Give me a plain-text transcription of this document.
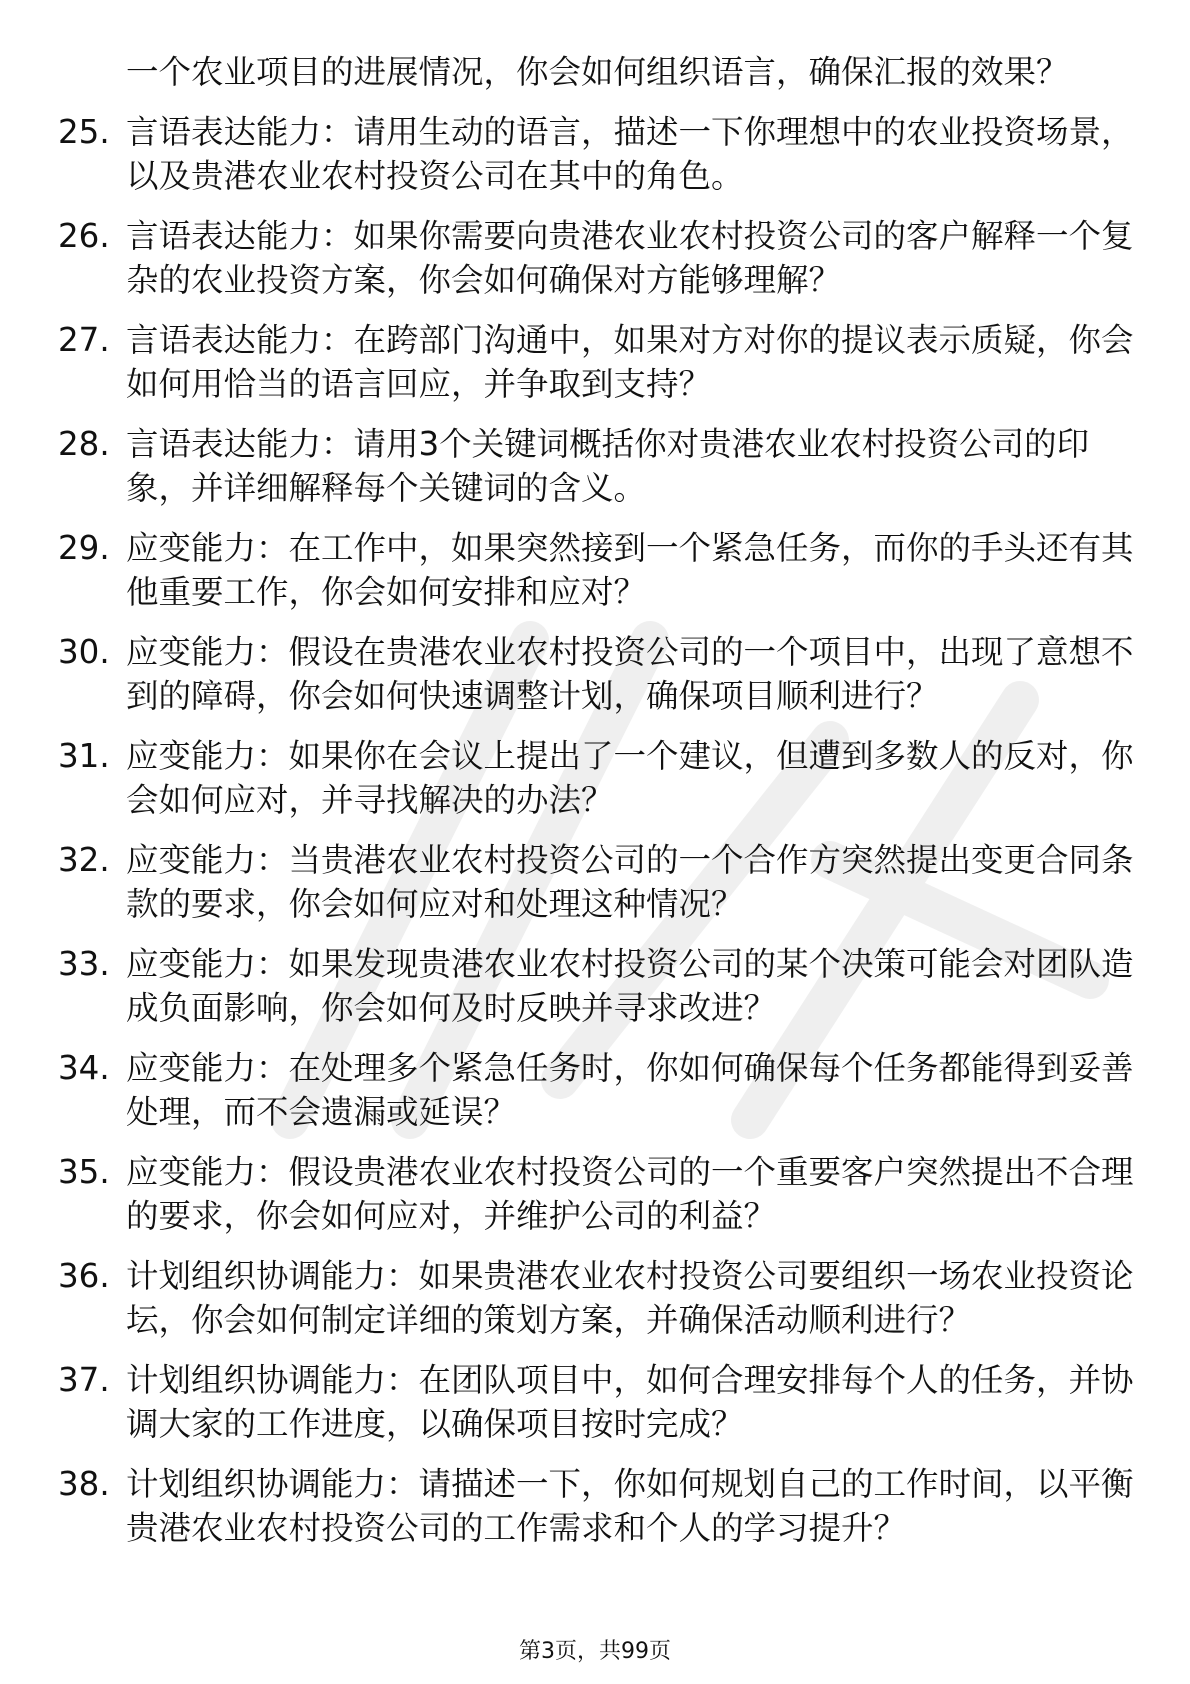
一个农业项目的进展情况，你会如何组织语言，确保汇报的效果？
25. 言语表达能力：请用生动的语言，描述一下你理想中的农业投资场景，以及贵港农业农村投资公司在其中的角色。
26. 言语表达能力：如果你需要向贵港农业农村投资公司的客户解释一个复杂的农业投资方案，你会如何确保对方能够理解？
27. 言语表达能力：在跨部门沟通中，如果对方对你的提议表示质疑，你会如何用恰当的语言回应，并争取到支持？
28. 言语表达能力：请用3个关键词概括你对贵港农业农村投资公司的印象，并详细解释每个关键词的含义。
29. 应变能力：在工作中，如果突然接到一个紧急任务，而你的手头还有其他重要工作，你会如何安排和应对？
30. 应变能力：假设在贵港农业农村投资公司的一个项目中，出现了意想不到的障碍，你会如何快速调整计划，确保项目顺利进行？
31. 应变能力：如果你在会议上提出了一个建议，但遭到多数人的反对，你会如何应对，并寻找解决的办法？
32. 应变能力：当贵港农业农村投资公司的一个合作方突然提出变更合同条款的要求，你会如何应对和处理这种情况？
33. 应变能力：如果发现贵港农业农村投资公司的某个决策可能会对团队造成负面影响，你会如何及时反映并寻求改进？
34. 应变能力：在处理多个紧急任务时，你如何确保每个任务都能得到妥善处理，而不会遗漏或延误？
35. 应变能力：假设贵港农业农村投资公司的一个重要客户突然提出不合理的要求，你会如何应对，并维护公司的利益？
36. 计划组织协调能力：如果贵港农业农村投资公司要组织一场农业投资论坛，你会如何制定详细的策划方案，并确保活动顺利进行？
37. 计划组织协调能力：在团队项目中，如何合理安排每个人的任务，并协调大家的工作进度，以确保项目按时完成？
38. 计划组织协调能力：请描述一下，你如何规划自己的工作时间，以平衡贵港农业农村投资公司的工作需求和个人的学习提升？
第3页，共99页
